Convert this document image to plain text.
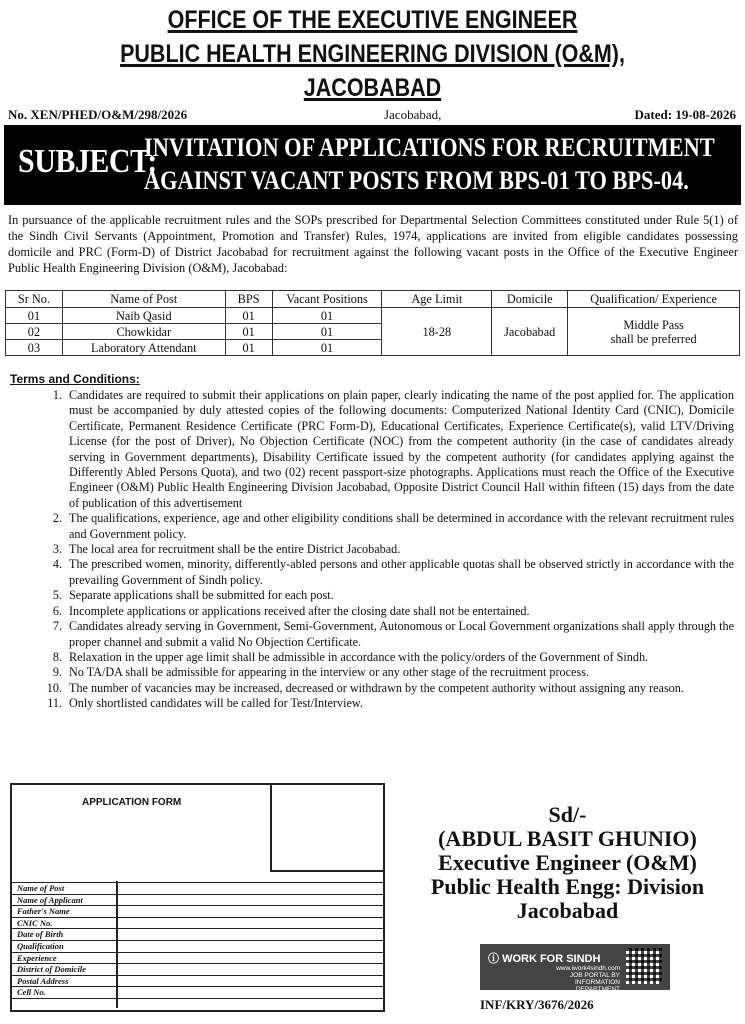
OFFICE OF THE EXECUTIVE ENGINEER
PUBLIC HEALTH ENGINEERING DIVISION (O&M),
JACOBABAD
No. XEN/PHED/O&M/298/2026	Jacobabad,	Dated: 19-08-2026
SUBJECT:
INVITATION OF APPLICATIONS FOR RECRUITMENT
AGAINST VACANT POSTS FROM BPS-01 TO BPS-04.
In pursuance of the applicable recruitment rules and the SOPs prescribed for Departmental Selection Committees constituted under Rule 5(1) of the Sindh Civil Servants (Appointment, Promotion and Transfer) Rules, 1974, applications are invited from eligible candidates possessing domicile and PRC (Form-D) of District Jacobabad for recruitment against the following vacant posts in the Office of the Executive Engineer Public Health Engineering Division (O&M), Jacobabad:
Sr No.	Name of Post	BPS	Vacant Positions	Age Limit	Domicile	Qualification/ Experience
01	Naib Qasid	01	01	18-28	Jacobabad	Middle Pass
shall be preferred

02	Chowkidar	01	01			
03	Laboratory Attendant	01	01			
Terms and Conditions:
1. Candidates are required to submit their applications on plain paper, clearly indicating the name of the post applied for. The application must be accompanied by duly attested copies of the following documents: Computerized National Identity Card (CNIC), Domicile Certificate, Permanent Residence Certificate (PRC Form-D), Educational Certificates, Experience Certificate(s), valid LTV/Driving License (for the post of Driver), No Objection Certificate (NOC) from the competent authority (in the case of candidates already serving in Government departments), Disability Certificate issued by the competent authority (for candidates applying against the Differently Abled Persons Quota), and two (02) recent passport-size photographs. Applications must reach the Office of the Executive Engineer (O&M) Public Health Engineering Division Jacobabad, Opposite District Council Hall within fifteen (15) days from the date of publication of this advertisement
2. The qualifications, experience, age and other eligibility conditions shall be determined in accordance with the relevant recruitment rules and Government policy.
3. The local area for recruitment shall be the entire District Jacobabad.
4. The prescribed women, minority, differently-abled persons and other applicable quotas shall be observed strictly in accordance with the prevailing Government of Sindh policy.
5. Separate applications shall be submitted for each post.
6. Incomplete applications or applications received after the closing date shall not be entertained.
7. Candidates already serving in Government, Semi-Government, Autonomous or Local Government organizations shall apply through the proper channel and submit a valid No Objection Certificate.
8. Relaxation in the upper age limit shall be admissible in accordance with the policy/orders of the Government of Sindh.
9. No TA/DA shall be admissible for appearing in the interview or any other stage of the recruitment process.
10. The number of vacancies may be increased, decreased or withdrawn by the competent authority without assigning any reason.
11. Only shortlisted candidates will be called for Test/Interview.
APPLICATION FORM
Name of Post
Name of Applicant
Father's Name
CNIC No.
Date of Birth
Qualification
Experience
District of Domicile
Postal Address
Cell No.
Sd/-
(ABDUL BASIT GHUNIO)
Executive Engineer (O&M)
Public Health Engg: Division
Jacobabad
ⓘ WORK FOR SINDH
www.iwork4sindh.com
JOB PORTAL BY
INFORMATION DEPARTMENT
INF/KRY/3676/2026
